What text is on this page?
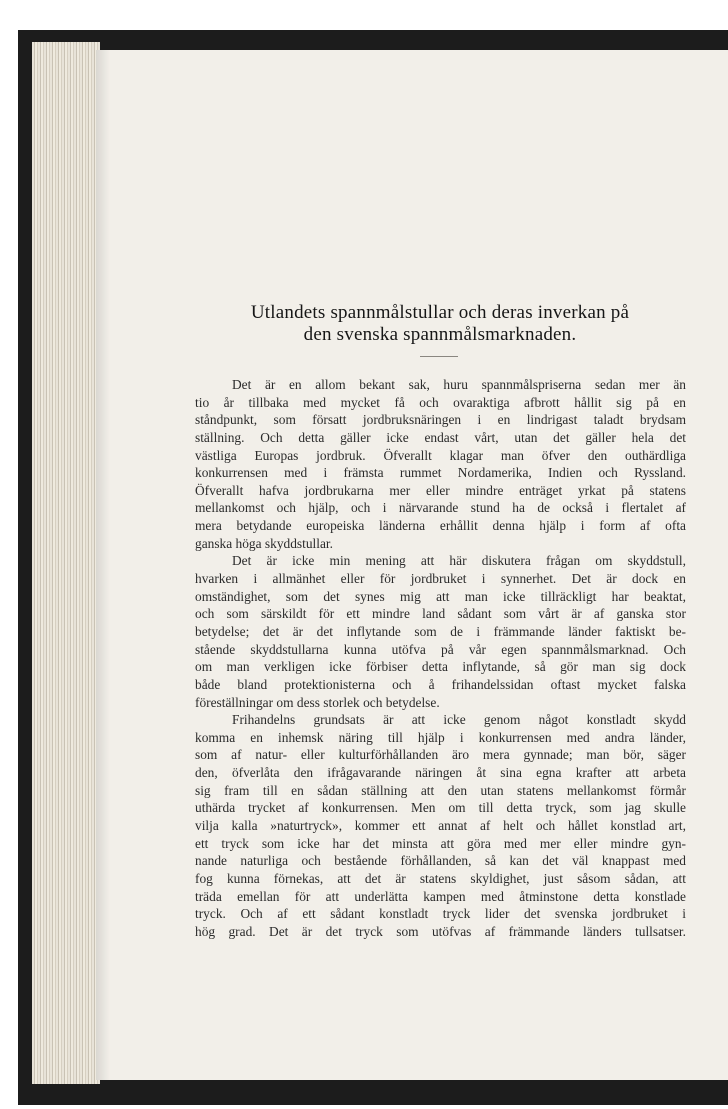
Utlandets spannmålstullar och deras inverkan på
den svenska spannmålsmarknaden.
Det är en allom bekant sak, huru spannmålspriserna sedan mer än
tio år tillbaka med mycket få och ovaraktiga afbrott hållit sig på en
ståndpunkt, som försatt jordbruksnäringen i en lindrigast taladt brydsam
ställning. Och detta gäller icke endast vårt, utan det gäller hela det
västliga Europas jordbruk. Öfverallt klagar man öfver den outhärdliga
konkurrensen med i främsta rummet Nordamerika, Indien och Ryssland.
Öfverallt hafva jordbrukarna mer eller mindre enträget yrkat på statens
mellankomst och hjälp, och i närvarande stund ha de också i flertalet af
mera betydande europeiska länderna erhållit denna hjälp i form af ofta
ganska höga skyddstullar.
Det är icke min mening att här diskutera frågan om skyddstull,
hvarken i allmänhet eller för jordbruket i synnerhet. Det är dock en
omständighet, som det synes mig att man icke tillräckligt har beaktat,
och som särskildt för ett mindre land sådant som vårt är af ganska stor
betydelse; det är det inflytande som de i främmande länder faktiskt be-
stående skyddstullarna kunna utöfva på vår egen spannmålsmarknad. Och
om man verkligen icke förbiser detta inflytande, så gör man sig dock
både bland protektionisterna och å frihandelssidan oftast mycket falska
föreställningar om dess storlek och betydelse.
Frihandelns grundsats är att icke genom något konstladt skydd
komma en inhemsk näring till hjälp i konkurrensen med andra länder,
som af natur- eller kulturförhållanden äro mera gynnade; man bör, säger
den, öfverlåta den ifrågavarande näringen åt sina egna krafter att arbeta
sig fram till en sådan ställning att den utan statens mellankomst förmår
uthärda trycket af konkurrensen. Men om till detta tryck, som jag skulle
vilja kalla »naturtryck», kommer ett annat af helt och hållet konstlad art,
ett tryck som icke har det minsta att göra med mer eller mindre gyn-
nande naturliga och bestående förhållanden, så kan det väl knappast med
fog kunna förnekas, att det är statens skyldighet, just såsom sådan, att
träda emellan för att underlätta kampen med åtminstone detta konstlade
tryck. Och af ett sådant konstladt tryck lider det svenska jordbruket i
hög grad. Det är det tryck som utöfvas af främmande länders tullsatser.
